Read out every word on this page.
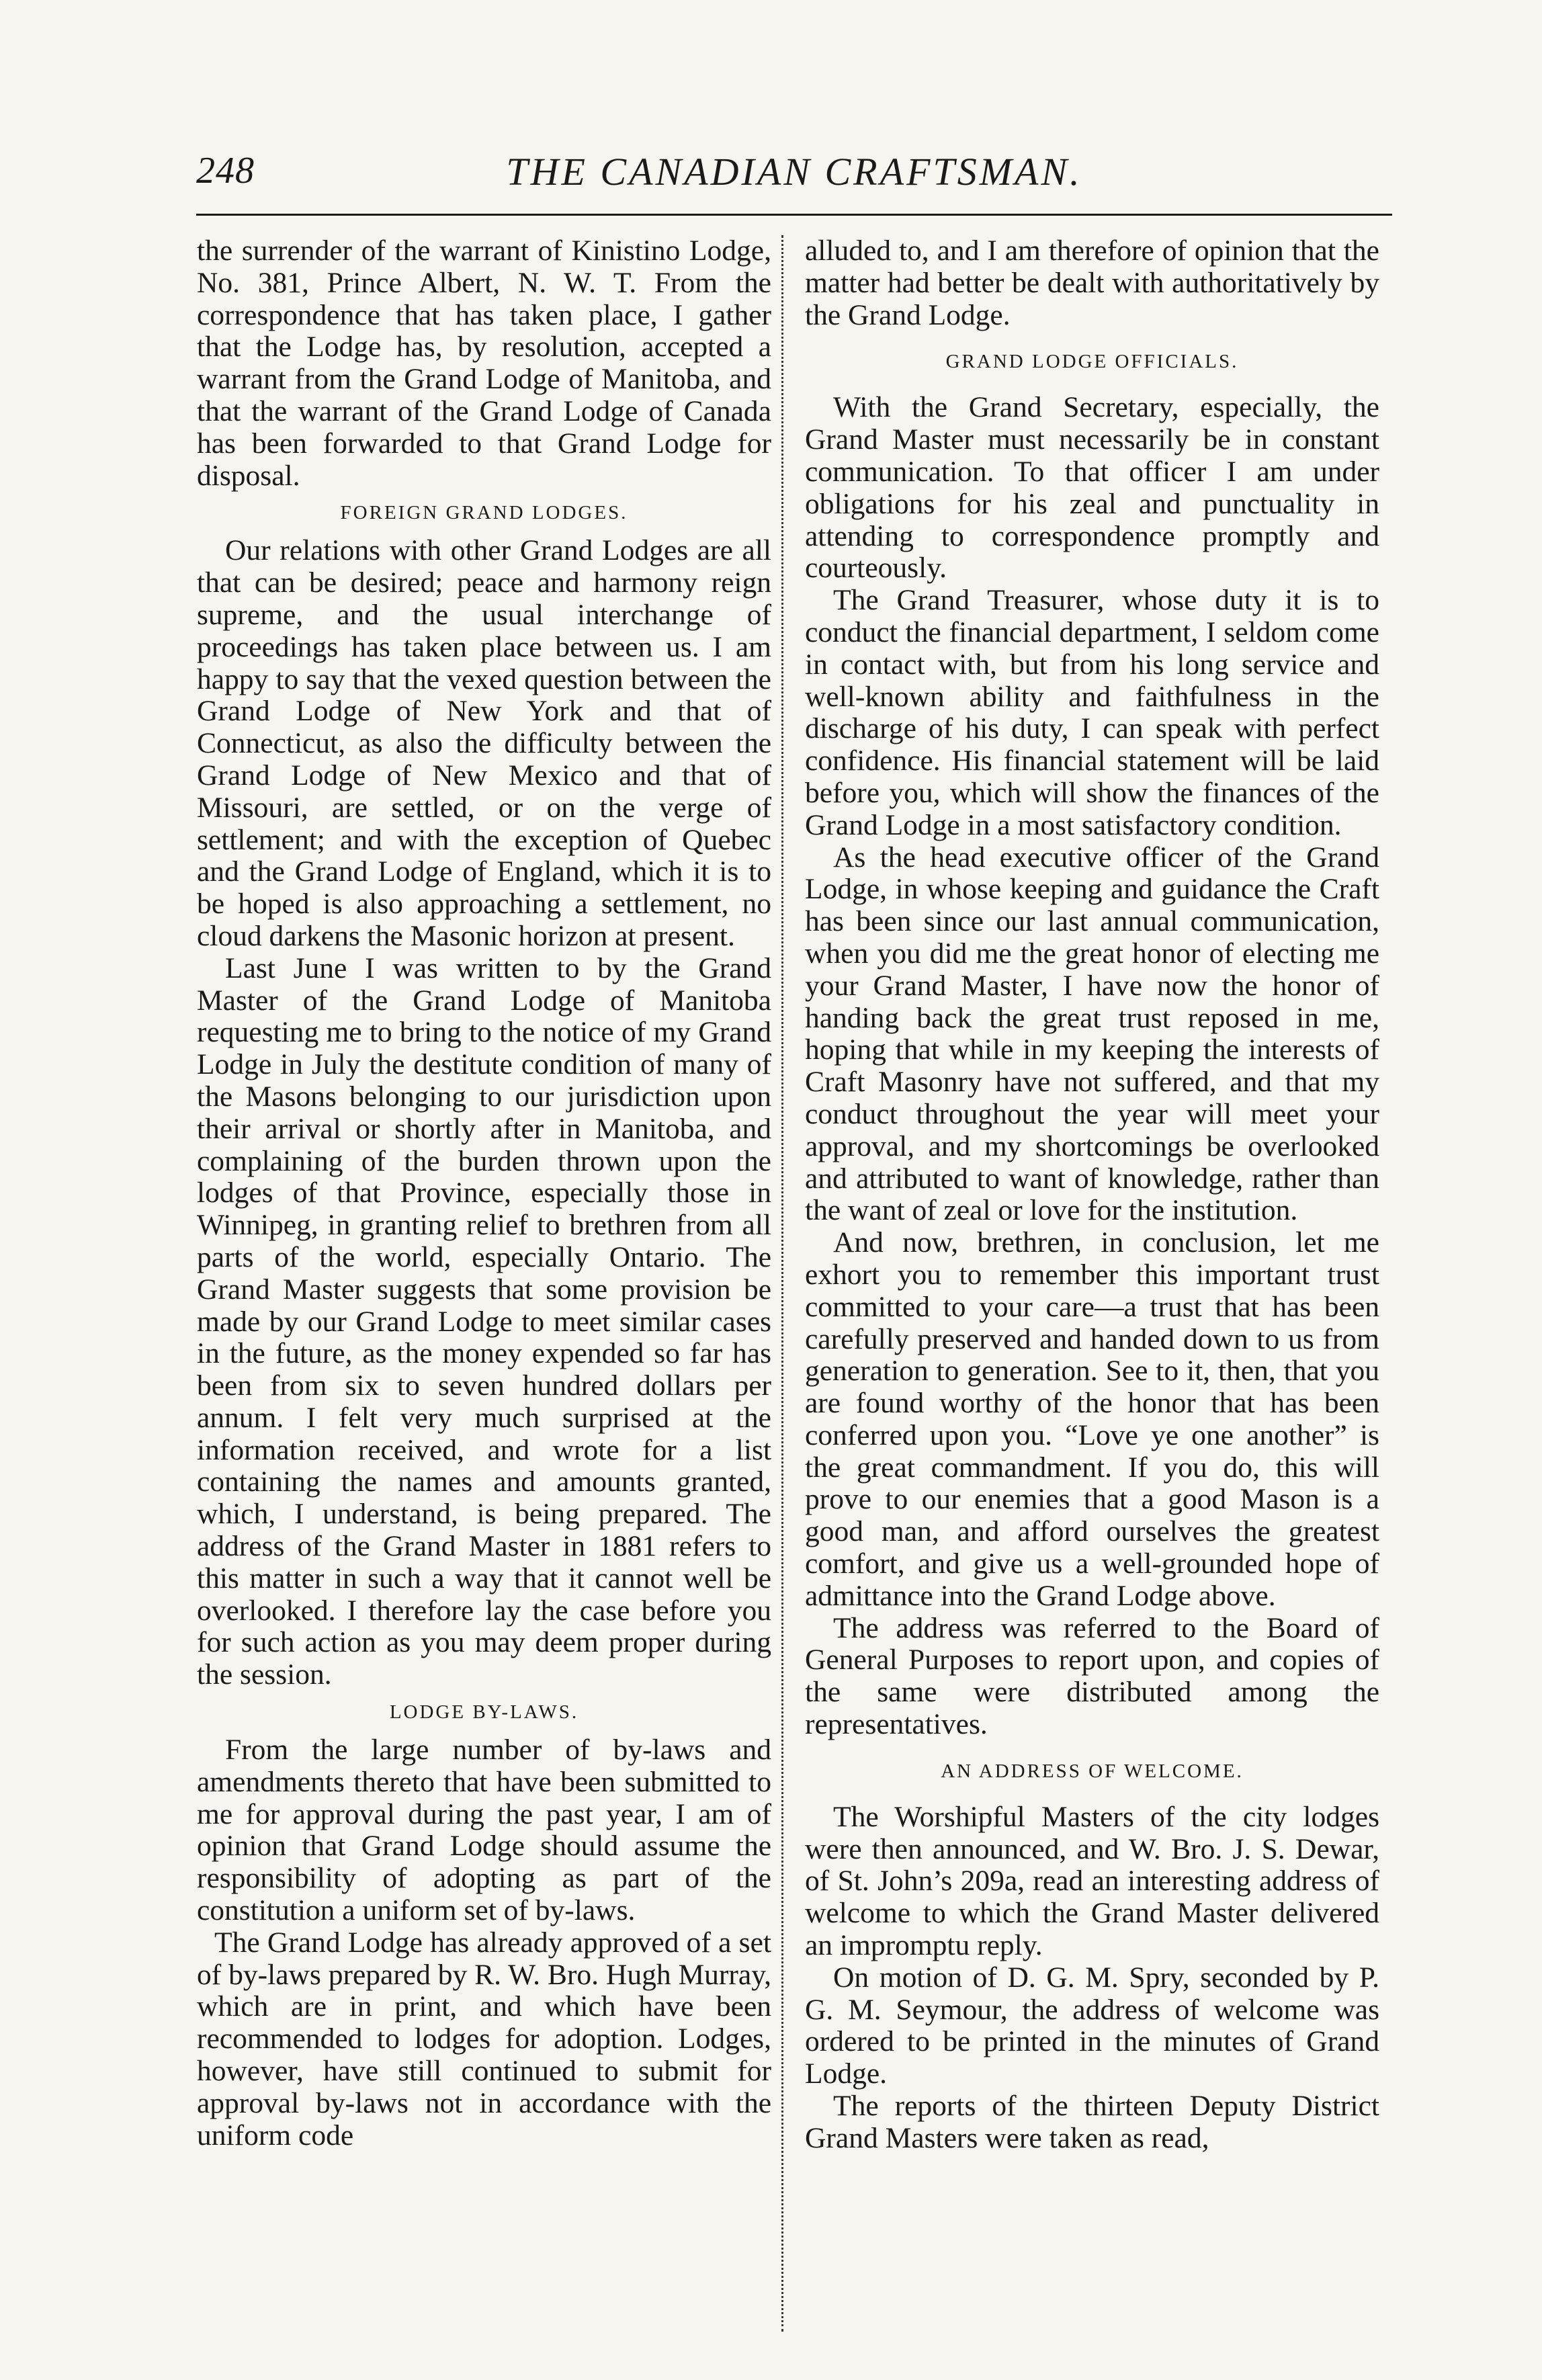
248	THE CANADIAN CRAFTSMAN.

the surrender of the warrant of Kinistino Lodge, No. 381, Prince Albert, N. W. T. From the correspondence that has taken place, I gather that the Lodge has, by resolution, accepted a warrant from the Grand Lodge of Manitoba, and that the warrant of the Grand Lodge of Canada has been forwarded to that Grand Lodge for disposal.

FOREIGN GRAND LODGES.

Our relations with other Grand Lodges are all that can be desired; peace and harmony reign supreme, and the usual interchange of proceedings has taken place between us. I am happy to say that the vexed question between the Grand Lodge of New York and that of Connecticut, as also the difficulty between the Grand Lodge of New Mexico and that of Missouri, are settled, or on the verge of settlement; and with the exception of Quebec and the Grand Lodge of England, which it is to be hoped is also approaching a settlement, no cloud darkens the Masonic horizon at present.

Last June I was written to by the Grand Master of the Grand Lodge of Manitoba requesting me to bring to the notice of my Grand Lodge in July the destitute condition of many of the Masons belonging to our jurisdiction upon their arrival or shortly after in Manitoba, and complaining of the burden thrown upon the lodges of that Province, especially those in Winnipeg, in granting relief to brethren from all parts of the world, especially Ontario. The Grand Master suggests that some provision be made by our Grand Lodge to meet similar cases in the future, as the money expended so far has been from six to seven hundred dollars per annum. I felt very much surprised at the information received, and wrote for a list containing the names and amounts granted, which, I understand, is being prepared. The address of the Grand Master in 1881 refers to this matter in such a way that it cannot well be overlooked. I therefore lay the case before you for such action as you may deem proper during the session.

LODGE BY-LAWS.

From the large number of by-laws and amendments thereto that have been submitted to me for approval during the past year, I am of opinion that Grand Lodge should assume the responsibility of adopting as part of the constitution a uniform set of by-laws.

The Grand Lodge has already approved of a set of by-laws prepared by R. W. Bro. Hugh Murray, which are in print, and which have been recommended to lodges for adoption. Lodges, however, have still continued to submit for approval by-laws not in accordance with the uniform code

alluded to, and I am therefore of opinion that the matter had better be dealt with authoritatively by the Grand Lodge.

GRAND LODGE OFFICIALS.

With the Grand Secretary, especially, the Grand Master must necessarily be in constant communication. To that officer I am under obligations for his zeal and punctuality in attending to correspondence promptly and courteously.

The Grand Treasurer, whose duty it is to conduct the financial department, I seldom come in contact with, but from his long service and well-known ability and faithfulness in the discharge of his duty, I can speak with perfect confidence. His financial statement will be laid before you, which will show the finances of the Grand Lodge in a most satisfactory condition.

As the head executive officer of the Grand Lodge, in whose keeping and guidance the Craft has been since our last annual communication, when you did me the great honor of electing me your Grand Master, I have now the honor of handing back the great trust reposed in me, hoping that while in my keeping the interests of Craft Masonry have not suffered, and that my conduct throughout the year will meet your approval, and my shortcomings be overlooked and attributed to want of knowledge, rather than the want of zeal or love for the institution.

And now, brethren, in conclusion, let me exhort you to remember this important trust committed to your care—a trust that has been carefully preserved and handed down to us from generation to generation. See to it, then, that you are found worthy of the honor that has been conferred upon you. “Love ye one another” is the great commandment. If you do, this will prove to our enemies that a good Mason is a good man, and afford ourselves the greatest comfort, and give us a well-grounded hope of admittance into the Grand Lodge above.

The address was referred to the Board of General Purposes to report upon, and copies of the same were distributed among the representatives.

AN ADDRESS OF WELCOME.

The Worshipful Masters of the city lodges were then announced, and W. Bro. J. S. Dewar, of St. John’s 209a, read an interesting address of welcome to which the Grand Master delivered an impromptu reply.

On motion of D. G. M. Spry, seconded by P. G. M. Seymour, the address of welcome was ordered to be printed in the minutes of Grand Lodge.

The reports of the thirteen Deputy District Grand Masters were taken as read,
